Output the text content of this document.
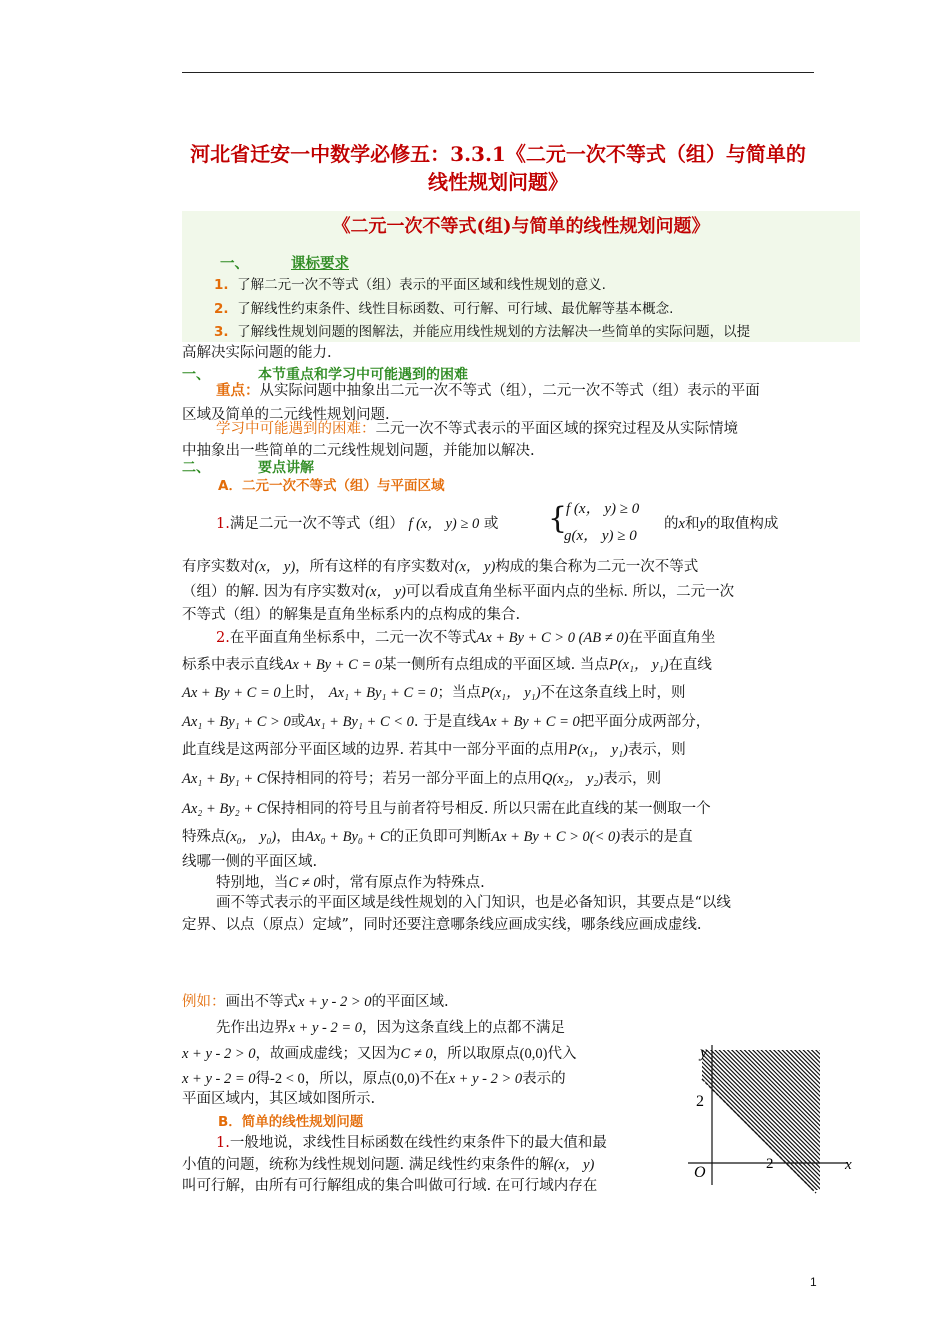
河北省迁安一中数学必修五：3.3.1《二元一次不等式（组）与简单的线性规划问题》
《二元一次不等式(组)与简单的线性规划问题》
一、	课标要求
1. 了解二元一次不等式（组）表示的平面区域和线性规划的意义.
2. 了解线性约束条件、线性目标函数、可行解、可行域、最优解等基本概念.
3. 了解线性规划问题的图解法，并能应用线性规划的方法解决一些简单的实际问题，以提
高解决实际问题的能力.
一、	本节重点和学习中可能遇到的困难
重点：从实际问题中抽象出二元一次不等式（组），二元一次不等式（组）表示的平面
区域及简单的二元线性规划问题.
学习中可能遇到的困难：二元一次不等式表示的平面区域的探究过程及从实际情境
中抽象出一些简单的二元线性规划问题，并能加以解决.
二、	要点讲解
A．二元一次不等式（组）与平面区域
1.满足二元一次不等式（组） f (x， y) ≥ 0 或	{
f (x， y) ≥ 0
g(x， y) ≥ 0
的x和y的取值构成
有序实数对(x， y)，所有这样的有序实数对(x， y)构成的集合称为二元一次不等式
（组）的解. 因为有序实数对(x， y)可以看成直角坐标平面内点的坐标. 所以，二元一次
不等式（组）的解集是直角坐标系内的点构成的集合.
2.在平面直角坐标系中，二元一次不等式Ax + By + C > 0 (AB ≠ 0)在平面直角坐
标系中表示直线Ax + By + C = 0某一侧所有点组成的平面区域. 当点P(x₁， y₁)在直线
Ax + By + C = 0上时， Ax₁ + By₁ + C = 0；当点P(x₁， y₁)不在这条直线上时，则
Ax₁ + By₁ + C > 0或Ax₁ + By₁ + C < 0. 于是直线Ax + By + C = 0把平面分成两部分，
此直线是这两部分平面区域的边界. 若其中一部分平面的点用P(x₁， y₁)表示，则
Ax₁ + By₁ + C保持相同的符号；若另一部分平面上的点用Q(x₂， y₂)表示，则
Ax₂ + By₂ + C保持相同的符号且与前者符号相反. 所以只需在此直线的某一侧取一个
特殊点(x₀， y₀)，由Ax₀ + By₀ + C的正负即可判断Ax + By + C > 0(< 0)表示的是直
线哪一侧的平面区域.
特别地，当C ≠ 0时，常有原点作为特殊点.
画不等式表示的平面区域是线性规划的入门知识，也是必备知识，其要点是“以线
定界、以点（原点）定域”，同时还要注意哪条线应画成实线，哪条线应画成虚线.
例如：画出不等式x + y - 2 > 0的平面区域.
先作出边界x + y - 2 = 0，因为这条直线上的点都不满足
x + y - 2 > 0，故画成虚线；又因为C ≠ 0，所以取原点(0,0)代入
x + y - 2 = 0得-2 < 0，所以，原点(0,0)不在x + y - 2 > 0表示的
平面区域内，其区域如图所示.
B．简单的线性规划问题
1.一般地说，求线性目标函数在线性约束条件下的最大值和最
小值的问题，统称为线性规划问题. 满足线性约束条件的解(x， y)
叫可行解，由所有可行解组成的集合叫做可行域. 在可行域内存在
y
x
O
2
2
1
